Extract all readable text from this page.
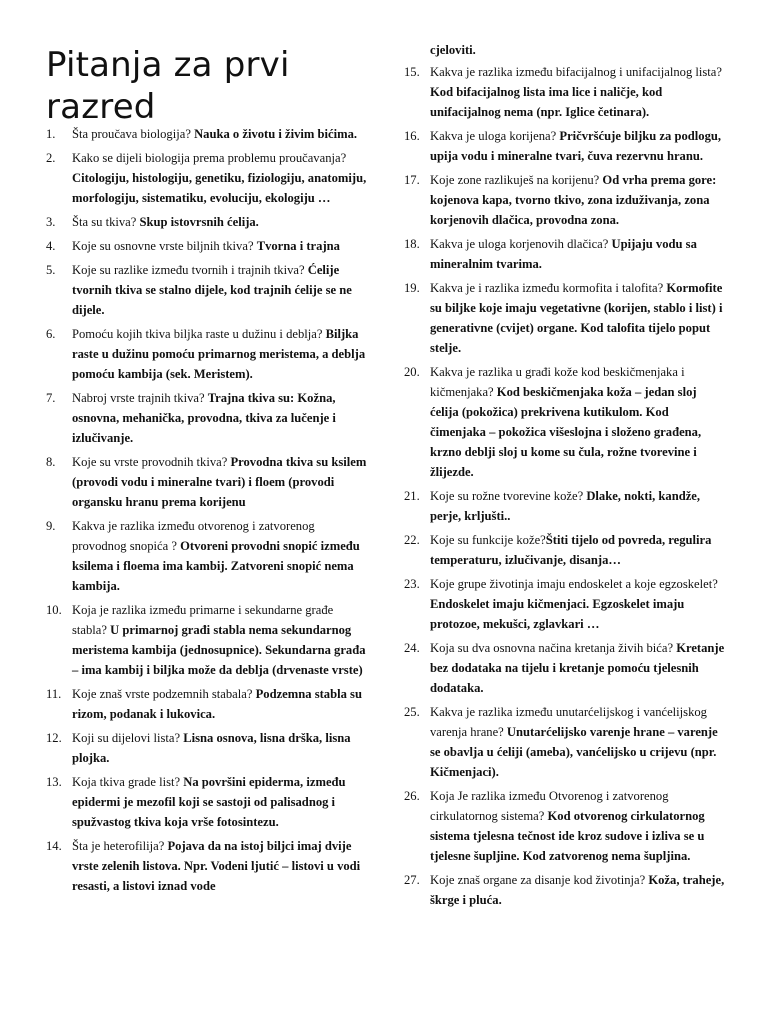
Pitanja za prvi razred
1. Šta proučava biologija? Nauka o životu i živim bićima.
2. Kako se dijeli biologija prema problemu proučavanja? Citologiju, histologiju, genetiku, fiziologiju, anatomiju, morfologiju, sistematiku, evoluciju, ekologiju …
3. Šta su tkiva? Skup istovrsnih ćelija.
4. Koje su osnovne vrste biljnih tkiva? Tvorna i trajna
5. Koje su razlike između tvornih i trajnih tkiva? Ćelije tvornih tkiva se stalno dijele, kod trajnih ćelije se ne dijele.
6. Pomoću kojih tkiva biljka raste u dužinu i deblja? Biljka raste u dužinu pomoću primarnog meristema, a deblja pomoću kambija (sek. Meristem).
7. Nabroj vrste trajnih tkiva? Trajna tkiva su: Kožna, osnovna, mehanička, provodna, tkiva za lučenje i izlučivanje.
8. Koje su vrste provodnih tkiva? Provodna tkiva su ksilem (provodi vodu i mineralne tvari) i floem (provodi organsku hranu prema korijenu
9. Kakva je razlika između otvorenog i zatvorenog provodnog snopića ? Otvoreni provodni snopić između ksilema i floema ima kambij. Zatvoreni snopić nema kambija.
10. Koja je razlika između primarne i sekundarne građe stabla? U primarnoj građi stabla nema sekundarnog meristema kambija (jednosupnice). Sekundarna građa – ima kambij i biljka može da deblja (drvenaste vrste)
11. Koje znaš vrste podzemnih stabala? Podzemna stabla su rizom, podanak i lukovica.
12. Koji su dijelovi lista? Lisna osnova, lisna drška, lisna plojka.
13. Koja tkiva grade list? Na površini epiderma, između epidermi je mezofil koji se sastoji od palisadnog i spužvastog tkiva koja vrše fotosintezu.
14. Šta je heterofilija? Pojava da na istoj biljci imaj dvije vrste zelenih listova. Npr. Vodeni ljutić – listovi u vodi resasti, a listovi iznad vode
cjeloviti.
15. Kakva je razlika između bifacijalnog i unifacijalnog lista? Kod bifacijalnog lista ima lice i naličje, kod unifacijalnog nema (npr. Iglice četinara).
16. Kakva je uloga korijena? Pričvršćuje biljku za podlogu, upija vodu i mineralne tvari, čuva rezervnu hranu.
17. Koje zone razlikuješ na korijenu? Od vrha prema gore: kojenova kapa, tvorno tkivo, zona izduživanja, zona korjenovih dlačica, provodna zona.
18. Kakva je uloga korjenovih dlačica? Upijaju vodu sa mineralnim tvarima.
19. Kakva je i razlika između kormofita i talofita? Kormofite su biljke koje imaju vegetativne (korijen, stablo i list) i generativne (cvijet) organe. Kod talofita tijelo poput stelje.
20. Kakva je razlika u građi kože kod beskičmenjaka i kičmenjaka? Kod beskičmenjaka koža – jedan sloj ćelija (pokožica) prekrivena kutikulom. Kod čimenjaka – pokožica višeslojna i složeno građena, krzno deblji sloj u kome su čula, rožne tvorevine i žlijezde.
21. Koje su rožne tvorevine kože? Dlake, nokti, kandže, perje, krljušti..
22. Koje su funkcije kože?Štiti tijelo od povreda, regulira temperaturu, izlučivanje, disanja…
23. Koje grupe životinja imaju endoskelet a koje egzoskelet? Endoskelet imaju kičmenjaci. Egzoskelet imaju protozoe, mekušci, zglavkari …
24. Koja su dva osnovna načina kretanja živih bića? Kretanje bez dodataka na tijelu i kretanje pomoću tjelesnih dodataka.
25. Kakva je razlika između unutarćelijskog i vanćelijskog varenja hrane? Unutarćelijsko varenje hrane – varenje se obavlja u ćeliji (ameba), vanćelijsko u crijevu (npr. Kičmenjaci).
26. Koja Je razlika između Otvorenog i zatvorenog cirkulatornog sistema? Kod otvorenog cirkulatornog sistema tjelesna tečnost ide kroz sudove i izliva se u tjelesne šupljine. Kod zatvorenog nema šupljina.
27. Koje znaš organe za disanje kod životinja? Koža, traheje, škrge i pluća.
